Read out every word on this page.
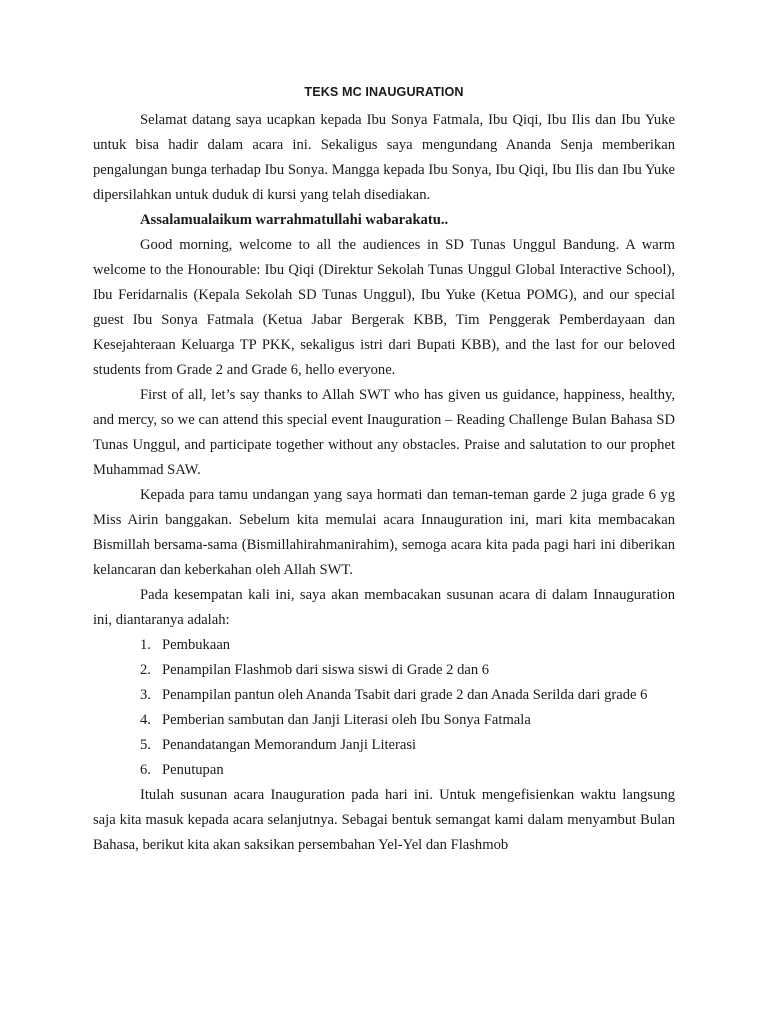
TEKS MC INAUGURATION

Selamat datang saya ucapkan kepada Ibu Sonya Fatmala, Ibu Qiqi, Ibu Ilis dan Ibu Yuke untuk bisa hadir dalam acara ini. Sekaligus saya mengundang Ananda Senja memberikan pengalungan bunga terhadap Ibu Sonya. Mangga kepada Ibu Sonya, Ibu Qiqi, Ibu Ilis dan Ibu Yuke dipersilahkan untuk duduk di kursi yang telah disediakan.

Assalamualaikum warrahmatullahi wabarakatu..

Good morning, welcome to all the audiences in SD Tunas Unggul Bandung. A warm welcome to the Honourable: Ibu Qiqi (Direktur Sekolah Tunas Unggul Global Interactive School), Ibu Feridarnalis (Kepala Sekolah SD Tunas Unggul), Ibu Yuke (Ketua POMG), and our special guest Ibu Sonya Fatmala (Ketua Jabar Bergerak KBB, Tim Penggerak Pemberdayaan dan Kesejahteraan Keluarga TP PKK, sekaligus istri dari Bupati KBB), and the last for our beloved students from Grade 2 and Grade 6, hello everyone.

First of all, let’s say thanks to Allah SWT who has given us guidance, happiness, healthy, and mercy, so we can attend this special event Inauguration – Reading Challenge Bulan Bahasa SD Tunas Unggul, and participate together without any obstacles. Praise and salutation to our prophet Muhammad SAW.

Kepada para tamu undangan yang saya hormati dan teman-teman garde 2 juga grade 6 yg Miss Airin banggakan. Sebelum kita memulai acara Innauguration ini, mari kita membacakan Bismillah bersama-sama (Bismillahirahmanirahim), semoga acara kita pada pagi hari ini diberikan kelancaran dan keberkahan oleh Allah SWT.

Pada kesempatan kali ini, saya akan membacakan susunan acara di dalam Innauguration ini, diantaranya adalah:

1. Pembukaan
2. Penampilan Flashmob dari siswa siswi di Grade 2 dan 6
3. Penampilan pantun oleh Ananda Tsabit dari grade 2 dan Anada Serilda dari grade 6
4. Pemberian sambutan dan Janji Literasi oleh Ibu Sonya Fatmala
5. Penandatangan Memorandum Janji Literasi
6. Penutupan

Itulah susunan acara Inauguration pada hari ini. Untuk mengefisienkan waktu langsung saja kita masuk kepada acara selanjutnya. Sebagai bentuk semangat kami dalam menyambut Bulan Bahasa, berikut kita akan saksikan persembahan Yel-Yel dan Flashmob
